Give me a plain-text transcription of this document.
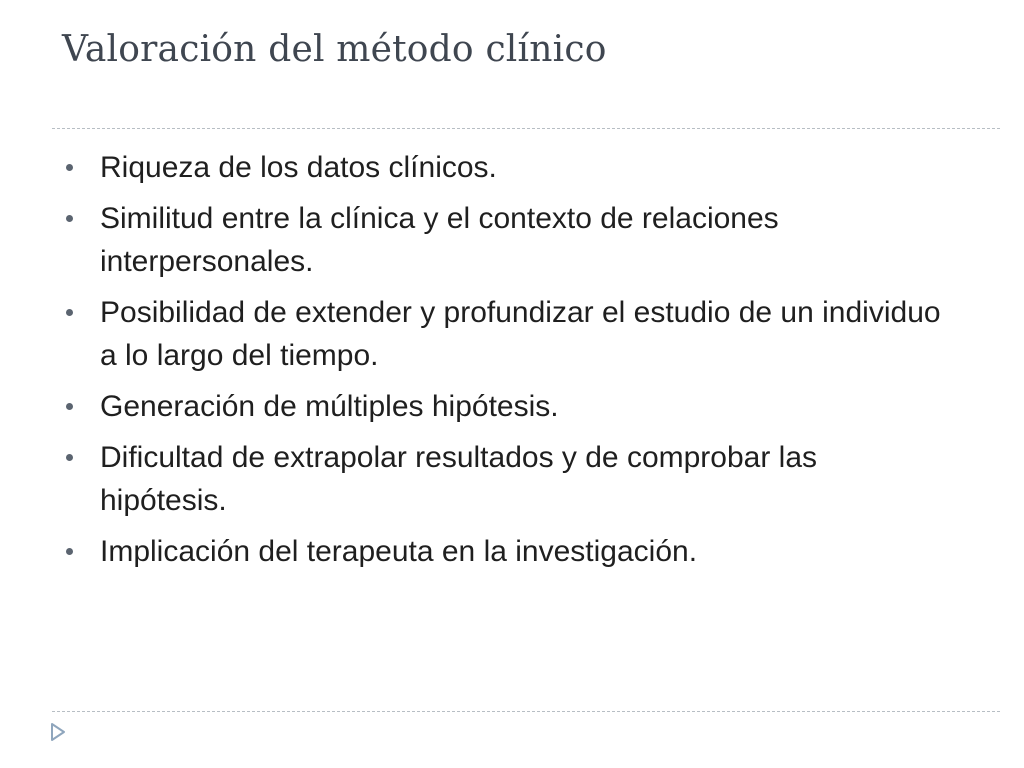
Valoración del método clínico
Riqueza de los datos clínicos.
Similitud entre la clínica y el contexto de relaciones interpersonales.
Posibilidad de extender y profundizar el estudio de un individuo a lo largo del tiempo.
Generación de múltiples hipótesis.
Dificultad de extrapolar resultados y de comprobar las hipótesis.
Implicación del terapeuta en la investigación.
